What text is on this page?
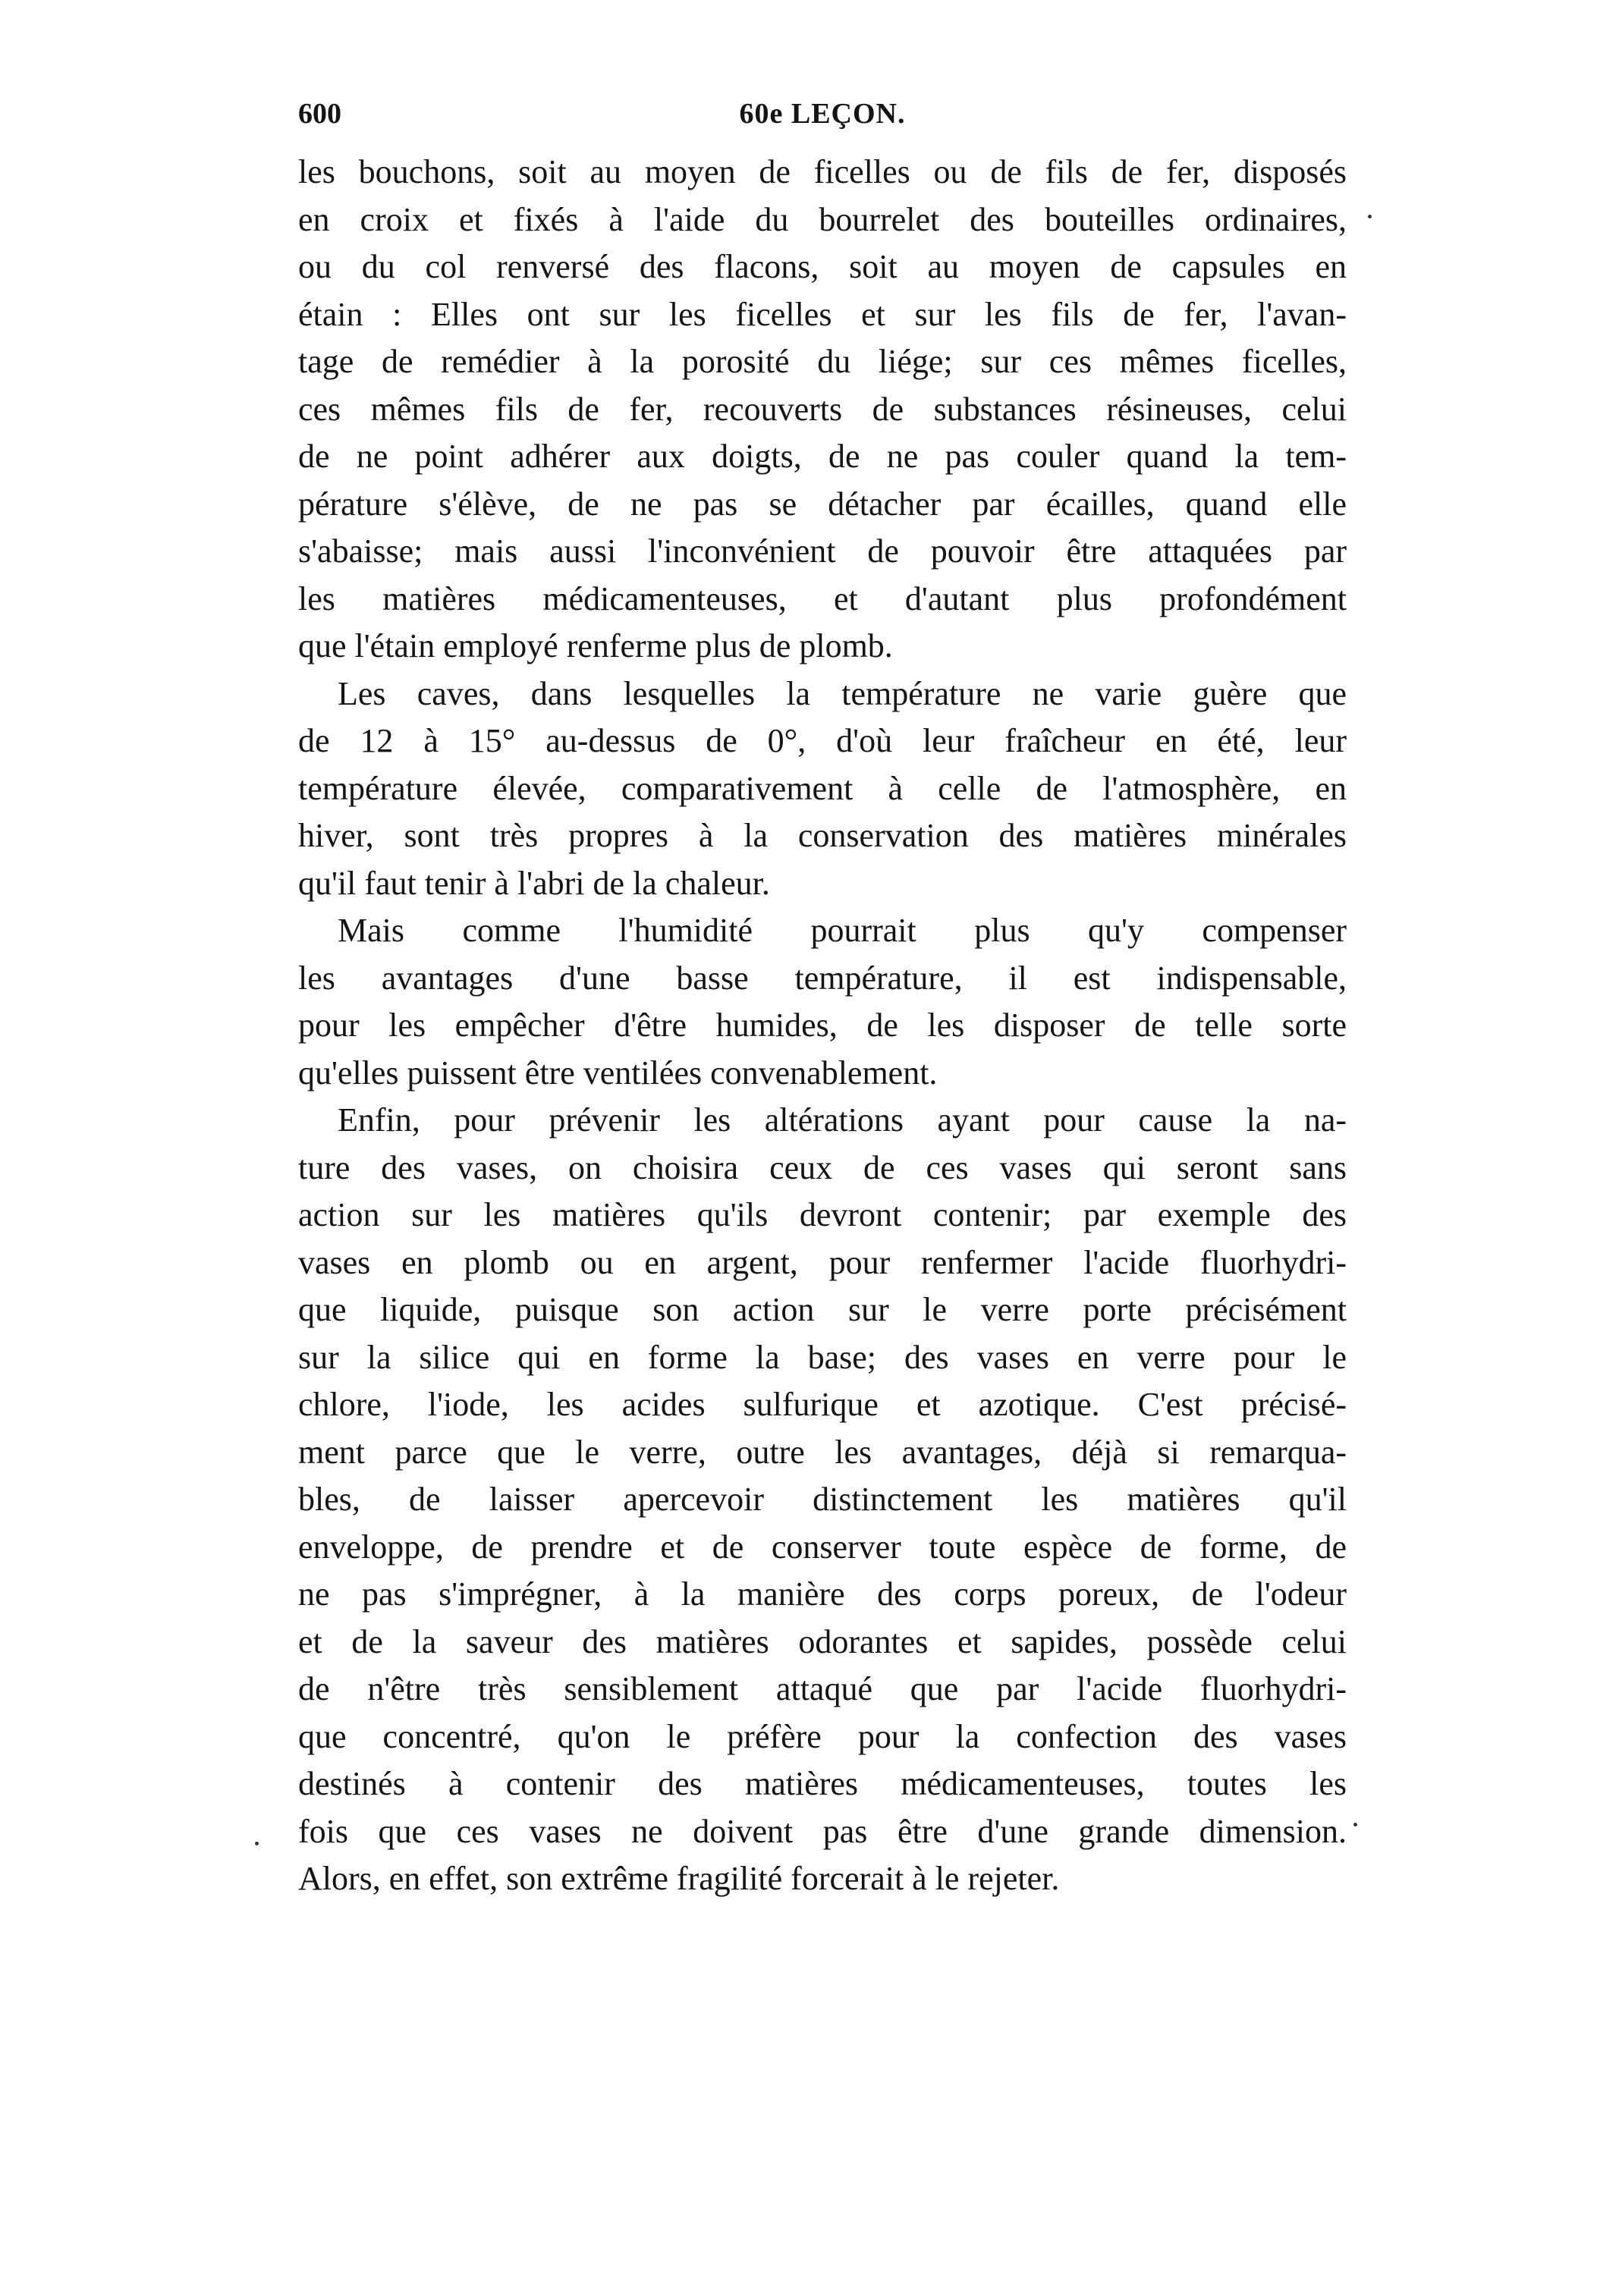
600	60e LEÇON.
les bouchons, soit au moyen de ficelles ou de fils de fer, disposés
en croix et fixés à l'aide du bourrelet des bouteilles ordinaires,
ou du col renversé des flacons, soit au moyen de capsules en
étain : Elles ont sur les ficelles et sur les fils de fer, l'avan-
tage de remédier à la porosité du liége; sur ces mêmes ficelles,
ces mêmes fils de fer, recouverts de substances résineuses, celui
de ne point adhérer aux doigts, de ne pas couler quand la tem-
pérature s'élève, de ne pas se détacher par écailles, quand elle
s'abaisse; mais aussi l'inconvénient de pouvoir être attaquées par
les matières médicamenteuses, et d'autant plus profondément
que l'étain employé renferme plus de plomb.
Les caves, dans lesquelles la température ne varie guère que
de 12 à 15° au-dessus de 0°, d'où leur fraîcheur en été, leur
température élevée, comparativement à celle de l'atmosphère, en
hiver, sont très propres à la conservation des matières minérales
qu'il faut tenir à l'abri de la chaleur.
Mais comme l'humidité pourrait plus qu'y compenser
les avantages d'une basse température, il est indispensable,
pour les empêcher d'être humides, de les disposer de telle sorte
qu'elles puissent être ventilées convenablement.
Enfin, pour prévenir les altérations ayant pour cause la na-
ture des vases, on choisira ceux de ces vases qui seront sans
action sur les matières qu'ils devront contenir; par exemple des
vases en plomb ou en argent, pour renfermer l'acide fluorhydri-
que liquide, puisque son action sur le verre porte précisément
sur la silice qui en forme la base; des vases en verre pour le
chlore, l'iode, les acides sulfurique et azotique. C'est précisé-
ment parce que le verre, outre les avantages, déjà si remarqua-
bles, de laisser apercevoir distinctement les matières qu'il
enveloppe, de prendre et de conserver toute espèce de forme, de
ne pas s'imprégner, à la manière des corps poreux, de l'odeur
et de la saveur des matières odorantes et sapides, possède celui
de n'être très sensiblement attaqué que par l'acide fluorhydri-
que concentré, qu'on le préfère pour la confection des vases
destinés à contenir des matières médicamenteuses, toutes les
fois que ces vases ne doivent pas être d'une grande dimension.
Alors, en effet, son extrême fragilité forcerait à le rejeter.
